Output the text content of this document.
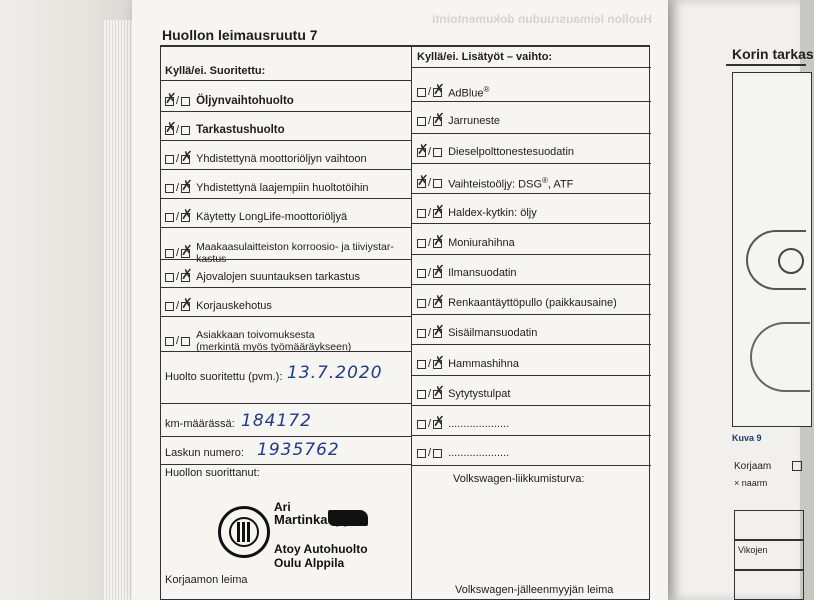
Korin tarkas
Kuva 9
Korjaam
× naarm
Vikojen
Huollon leimausruudun dokumentointi
Huollon leimausruutu 7
Kyllä/ei. Suoritettu:
Kyllä/ei. Lisätyöt – vaihto:
Huolto suoritettu (pvm.): 13.7.2020
km-määrässä: 184172
Laskun numero: 1935762
Huollon suorittanut:
Korjaamon leima
Volkswagen-liikkumisturva:
Volkswagen-jälleenmyyjän leima
✗ / Öljynvaihtohuolto
✗ / Tarkastushuolto
/ ✗ Yhdistettynä moottoriöljyn vaihtoon
/ ✗ Yhdistettynä laajempiin huoltotöihin
/ ✗ Käytetty LongLife-moottoriöljyä
/ ✗ Maakaasulaitteiston korroosio- ja tiiviystar-
kastus
/ ✗ Ajovalojen suuntauksen tarkastus
/ ✗ Korjauskehotus
/ Asiakkaan toivomuksesta
(merkintä myös työmääräykseen)
/ ✗ AdBlue®
/ ✗ Jarruneste
✗ / Dieselpolttonestesuodatin
✗ / Vaihteistoöljy: DSG®, ATF
/ ✗ Haldex-kytkin: öljy
/ ✗ Moniurahihna
/ ✗ Ilmansuodatin
/ ✗ Renkaantäyttöpullo (paikkausaine)
/ ✗ Sisäilmansuodatin
/ ✗ Hammashihna
/ ✗ Sytytystulpat
/ ✗ ....................
/ ....................
Ari
Martinkauppi
Atoy Autohuolto
Oulu Alppila
